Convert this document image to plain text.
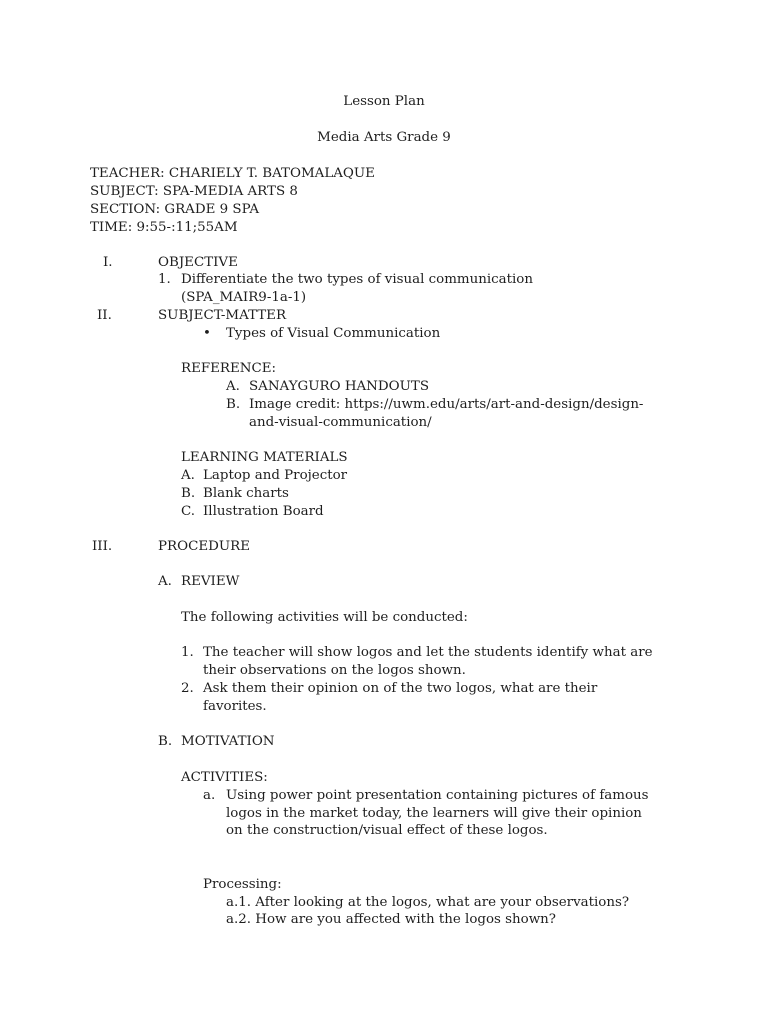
Lesson Plan
Media Arts Grade 9
TEACHER: CHARIELY T. BATOMALAQUE
SUBJECT: SPA-MEDIA ARTS 8
SECTION: GRADE 9 SPA
TIME: 9:55-:11;55AM
I.	OBJECTIVE
1. Differentiate the two types of visual communication
(SPA_MAIR9-1a-1)
II.	SUBJECT-MATTER
• Types of Visual Communication
REFERENCE:
A. SANAYGURO HANDOUTS
B. Image credit: https://uwm.edu/arts/art-and-design/design-
and-visual-communication/
LEARNING MATERIALS
A. Laptop and Projector
B. Blank charts
C. Illustration Board
III.	PROCEDURE
A. REVIEW
The following activities will be conducted:
1. The teacher will show logos and let the students identify what are
their observations on the logos shown.
2. Ask them their opinion on of the two logos, what are their
favorites.
B. MOTIVATION
ACTIVITIES:
a. Using power point presentation containing pictures of famous
logos in the market today, the learners will give their opinion
on the construction/visual effect of these logos.
Processing:
a.1. After looking at the logos, what are your observations?
a.2. How are you affected with the logos shown?
